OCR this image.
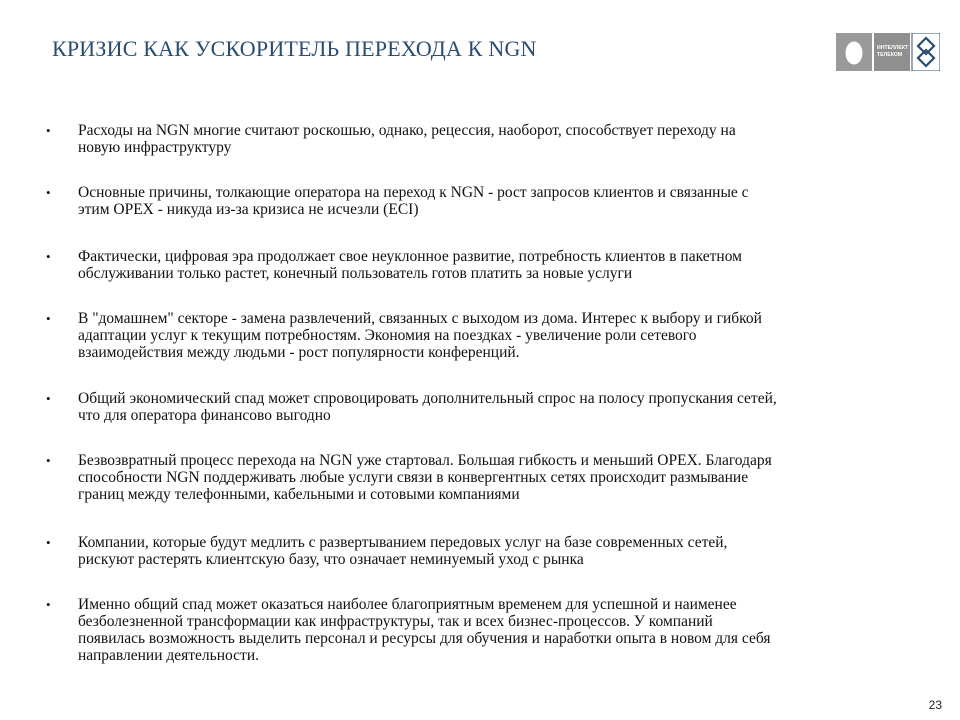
КРИЗИС КАК УСКОРИТЕЛЬ ПЕРЕХОДА К NGN	ИНТЕЛЛЕКТ
ТЕЛЕКОМ
•	Расходы на NGN многие считают роскошью, однако, рецессия, наоборот, способствует переходу на
новую инфраструктуру
•	Основные причины, толкающие оператора на переход к NGN - рост запросов клиентов и связанные с
этим OPEX - никуда из-за кризиса не исчезли (ECI)
•	Фактически, цифровая эра продолжает свое неуклонное развитие, потребность клиентов в пакетном
обслуживании только растет, конечный пользователь готов платить за новые услуги
•	В "домашнем" секторе - замена развлечений, связанных с выходом из дома. Интерес к выбору и гибкой
адаптации услуг к текущим потребностям. Экономия на поездках - увеличение роли сетевого
взаимодействия между людьми - рост популярности конференций.
•	Общий экономический спад может спровоцировать дополнительный спрос на полосу пропускания сетей,
что для оператора финансово выгодно
•	Безвозвратный процесс перехода на NGN уже стартовал. Большая гибкость и меньший OPEX. Благодаря
способности NGN поддерживать любые услуги связи в конвергентных сетях происходит размывание
границ между телефонными, кабельными и сотовыми компаниями
•	Компании, которые будут медлить с развертыванием передовых услуг на базе современных сетей,
рискуют растерять клиентскую базу, что означает неминуемый уход с рынка
•	Именно общий спад может оказаться наиболее благоприятным временем для успешной и наименее
безболезненной трансформации как инфраструктуры, так и всех бизнес-процессов. У компаний
появилась возможность выделить персонал и ресурсы для обучения и наработки опыта в новом для себя
направлении деятельности.
23
